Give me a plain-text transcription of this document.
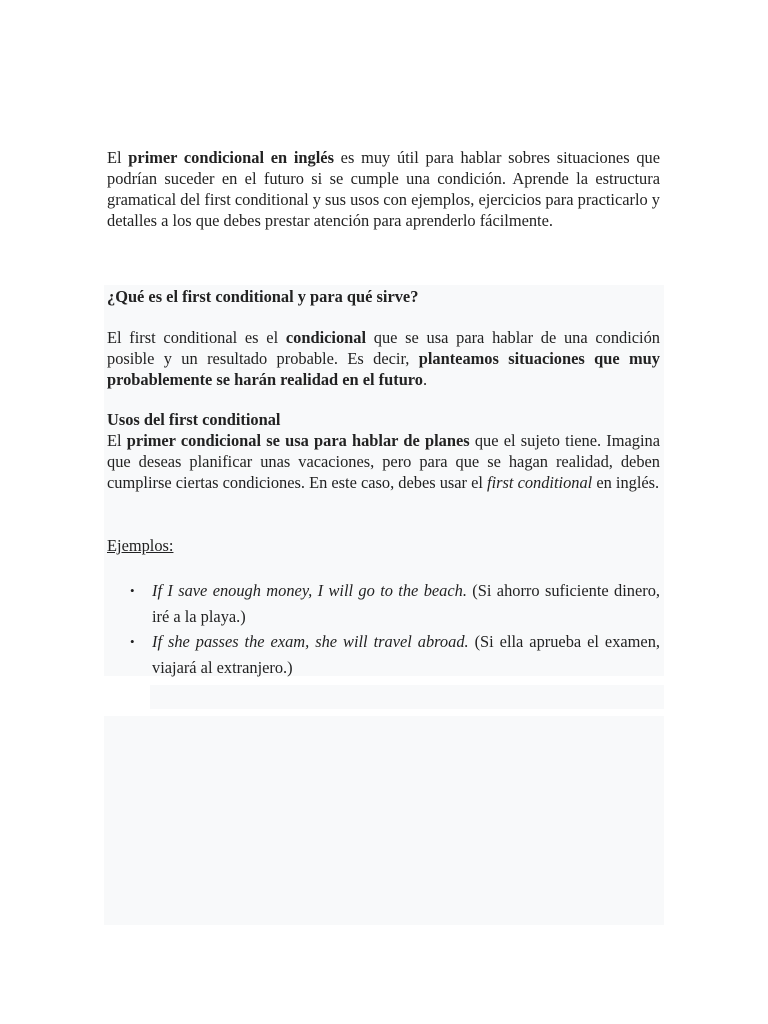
El primer condicional en inglés es muy útil para hablar sobres situaciones que podrían suceder en el futuro si se cumple una condición. Aprende la estructura gramatical del first conditional y sus usos con ejemplos, ejercicios para practicarlo y detalles a los que debes prestar atención para aprenderlo fácilmente.

¿Qué es el first conditional y para qué sirve?

El first conditional es el condicional que se usa para hablar de una condición posible y un resultado probable. Es decir, planteamos situaciones que muy probablemente se harán realidad en el futuro.

Usos del first conditional

El primer condicional se usa para hablar de planes que el sujeto tiene. Imagina que deseas planificar unas vacaciones, pero para que se hagan realidad, deben cumplirse ciertas condiciones. En este caso, debes usar el first conditional en inglés.

Ejemplos:

• If I save enough money, I will go to the beach. (Si ahorro suficiente dinero, iré a la playa.)
• If she passes the exam, she will travel abroad. (Si ella aprueba el examen, viajará al extranjero.)
